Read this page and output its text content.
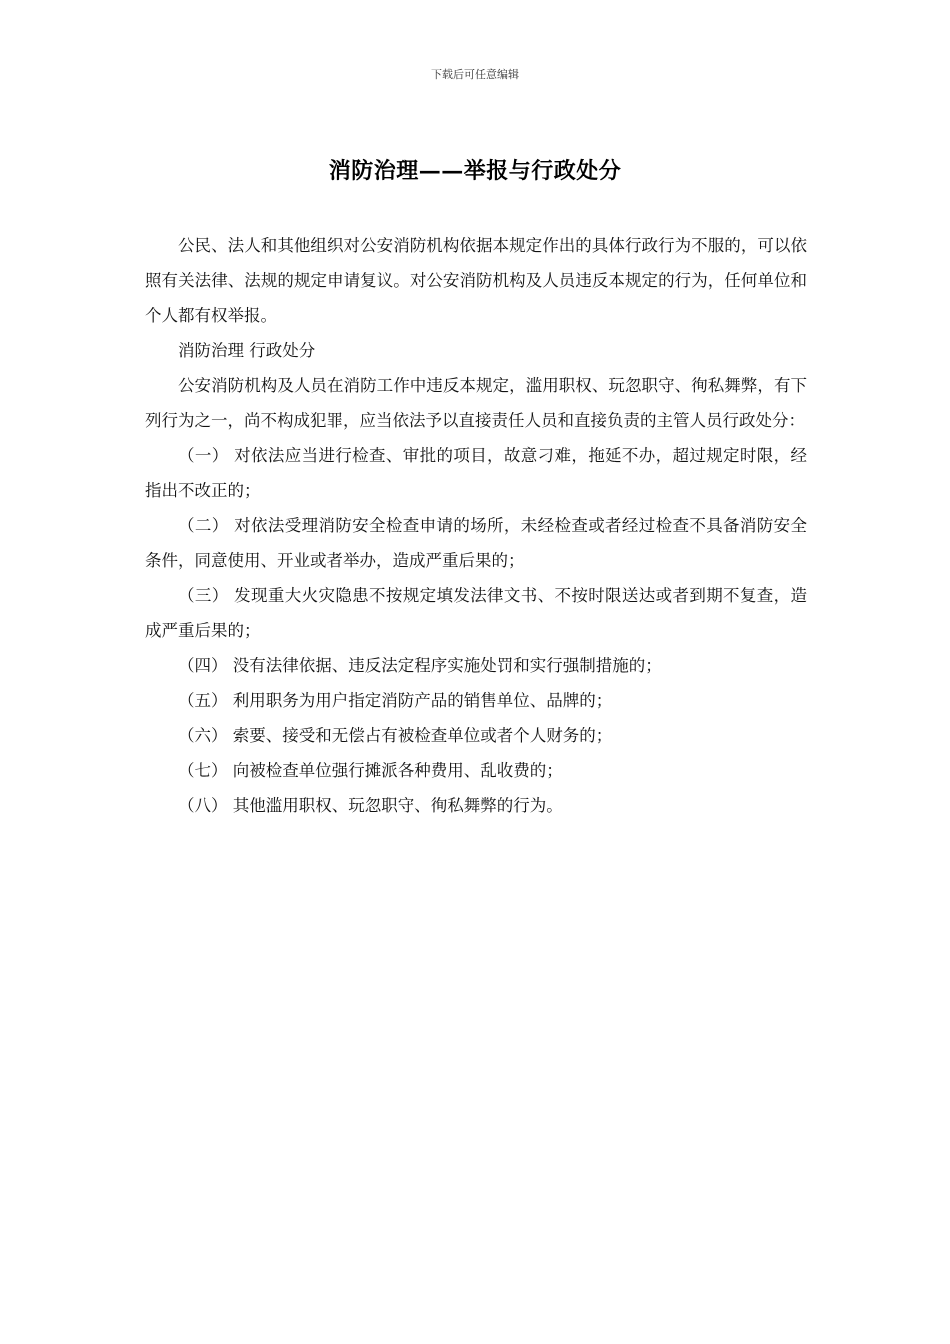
下载后可任意编辑
消防治理——举报与行政处分

公民、法人和其他组织对公安消防机构依据本规定作出的具体行政行为不服的，可以依照有关法律、法规的规定申请复议。对公安消防机构及人员违反本规定的行为，任何单位和个人都有权举报。

消防治理 行政处分

公安消防机构及人员在消防工作中违反本规定，滥用职权、玩忽职守、徇私舞弊，有下列行为之一，尚不构成犯罪，应当依法予以直接责任人员和直接负责的主管人员行政处分：

（一） 对依法应当进行检查、审批的项目，故意刁难，拖延不办，超过规定时限，经指出不改正的；

（二） 对依法受理消防安全检查申请的场所，未经检查或者经过检查不具备消防安全条件，同意使用、开业或者举办，造成严重后果的；

（三） 发现重大火灾隐患不按规定填发法律文书、不按时限送达或者到期不复查，造成严重后果的；

（四） 没有法律依据、违反法定程序实施处罚和实行强制措施的；

（五） 利用职务为用户指定消防产品的销售单位、品牌的；

（六） 索要、接受和无偿占有被检查单位或者个人财务的；

（七） 向被检查单位强行摊派各种费用、乱收费的；

（八） 其他滥用职权、玩忽职守、徇私舞弊的行为。
